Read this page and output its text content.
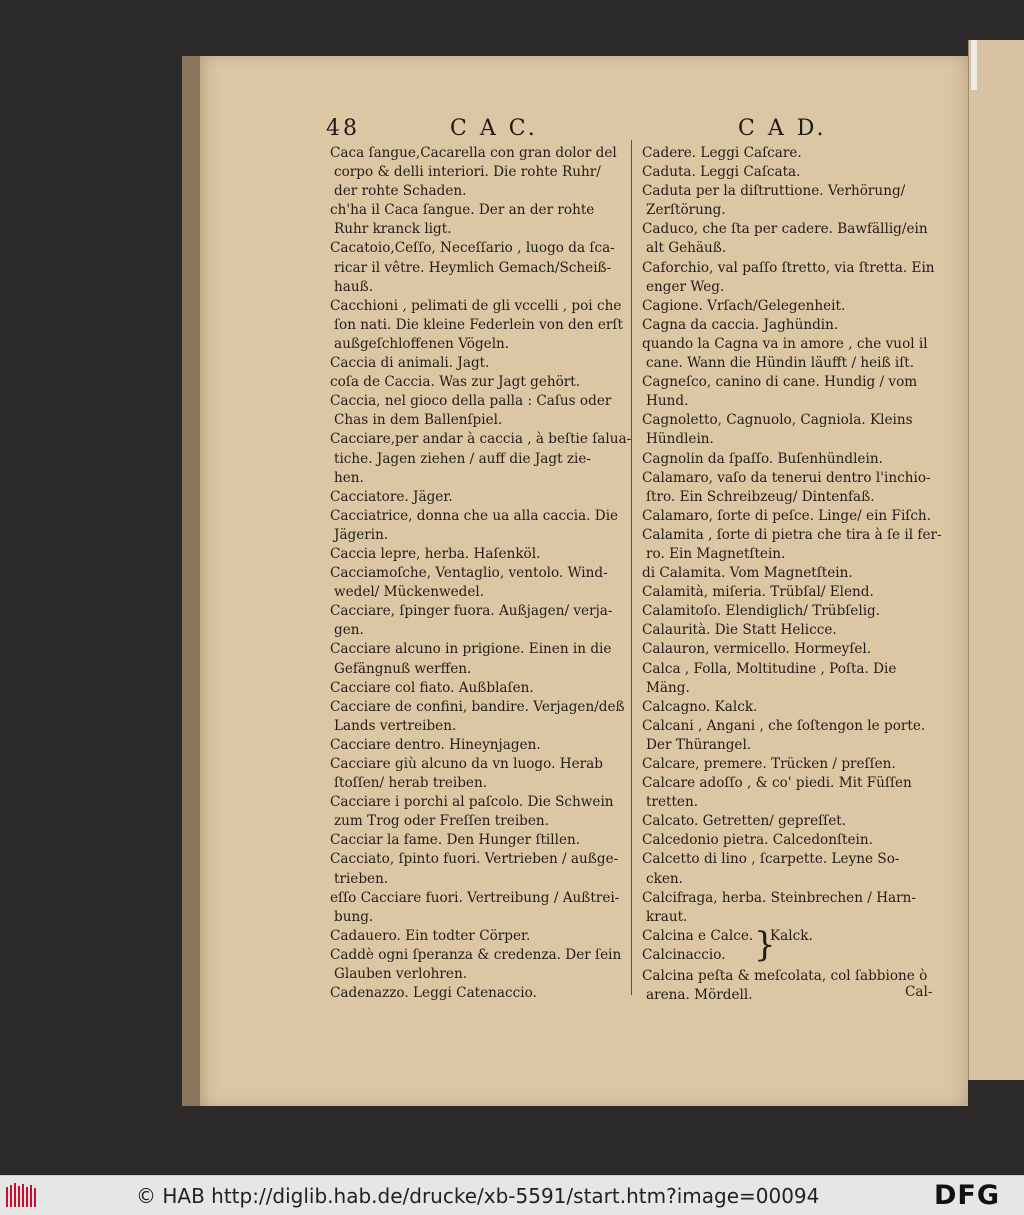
48	C A C.	C A D.

Caca ſangue,Cacarella con gran dolor del
corpo & delli interiori. Die rohte Ruhr/
der rohte Schaden.

ch'ha il Caca ſangue. Der an der rohte
Ruhr kranck ligt.

Cacatoio,Ceſſo, Neceſſario , luogo da ſca-
ricar il vêtre. Heymlich Gemach/Scheiß-
hauß.

Cacchioni , pelimati de gli vccelli , poi che
ſon nati. Die kleine Federlein von den erſt
außgeſchloffenen Vögeln.

Caccia di animali. Jagt.

coſa de Caccia. Was zur Jagt gehört.

Caccia, nel gioco della palla : Caſus oder
Chas in dem Ballenſpiel.

Cacciare,per andar à caccia , à beſtie ſalua-
tiche. Jagen ziehen / auff die Jagt zie-
hen.

Cacciatore. Jäger.

Cacciatrice, donna che ua alla caccia. Die
Jägerin.

Caccia lepre, herba. Haſenköl.

Cacciamoſche, Ventaglio, ventolo. Wind-
wedel/ Mückenwedel.

Cacciare, ſpinger fuora. Außjagen/ verja-
gen.

Cacciare alcuno in prigione. Einen in die
Gefängnuß werffen.

Cacciare col fiato. Außblaſen.

Cacciare de confini, bandire. Verjagen/deß
Lands vertreiben.

Cacciare dentro. Hineynjagen.

Cacciare giù alcuno da vn luogo. Herab
ſtoſſen/ herab treiben.

Cacciare i porchi al paſcolo. Die Schwein
zum Trog oder Freſſen treiben.

Cacciar la fame. Den Hunger ſtillen.

Cacciato, ſpinto fuori. Vertrieben / außge-
trieben.

eſſo Cacciare fuori. Vertreibung / Außtrei-
bung.

Cadauero. Ein todter Cörper.

Caddè ogni ſperanza & credenza. Der ſein
Glauben verlohren.

Cadenazzo. Leggi Catenaccio.

Cadere. Leggi Caſcare.

Caduta. Leggi Caſcata.

Caduta per la diſtruttione. Verhörung/
Zerſtörung.

Caduco, che ſta per cadere. Bawfällig/ein
alt Gehäuß.

Caforchio, val paſſo ſtretto, via ſtretta. Ein
enger Weg.

Cagione. Vrſach/Gelegenheit.

Cagna da caccia. Jaghündin.

quando la Cagna va in amore , che vuol il
cane. Wann die Hündin läufft / heiß iſt.

Cagneſco, canino di cane. Hundig / vom
Hund.

Cagnoletto, Cagnuolo, Cagniola. Kleins
Hündlein.

Cagnolin da ſpaſſo. Buſenhündlein.

Calamaro, vaſo da tenerui dentro l'inchio-
ſtro. Ein Schreibzeug/ Dintenfaß.

Calamaro, ſorte di peſce. Linge/ ein Fiſch.

Calamita , ſorte di pietra che tira à ſe il fer-
ro. Ein Magnetſtein.

di Calamita. Vom Magnetſtein.

Calamità, miſeria. Trübſal/ Elend.

Calamitoſo. Elendiglich/ Trübſelig.

Calaurità. Die Statt Helicce.

Calauron, vermicello. Hormeyſel.

Calca , Folla, Moltitudine , Poſta. Die
Mäng.

Calcagno. Kalck.

Calcani , Angani , che ſoſtengon le porte.
Der Thürangel.

Calcare, premere. Trücken / preſſen.

Calcare adoſſo , & co' piedi. Mit Füſſen
tretten.

Calcato. Getretten/ gepreſſet.

Calcedonio pietra. Calcedonſtein.

Calcetto di lino , ſcarpette. Leyne So-
cken.

Calcifraga, herba. Steinbrechen / Harn-
kraut.

Calcina e Calce.
Calcinaccio. }
Kalck.

Calcina peſta & meſcolata, col ſabbione ò
arena. Mördell.	Cal-
© HAB http://diglib.hab.de/drucke/xb-5591/start.htm?image=00094	DFG
